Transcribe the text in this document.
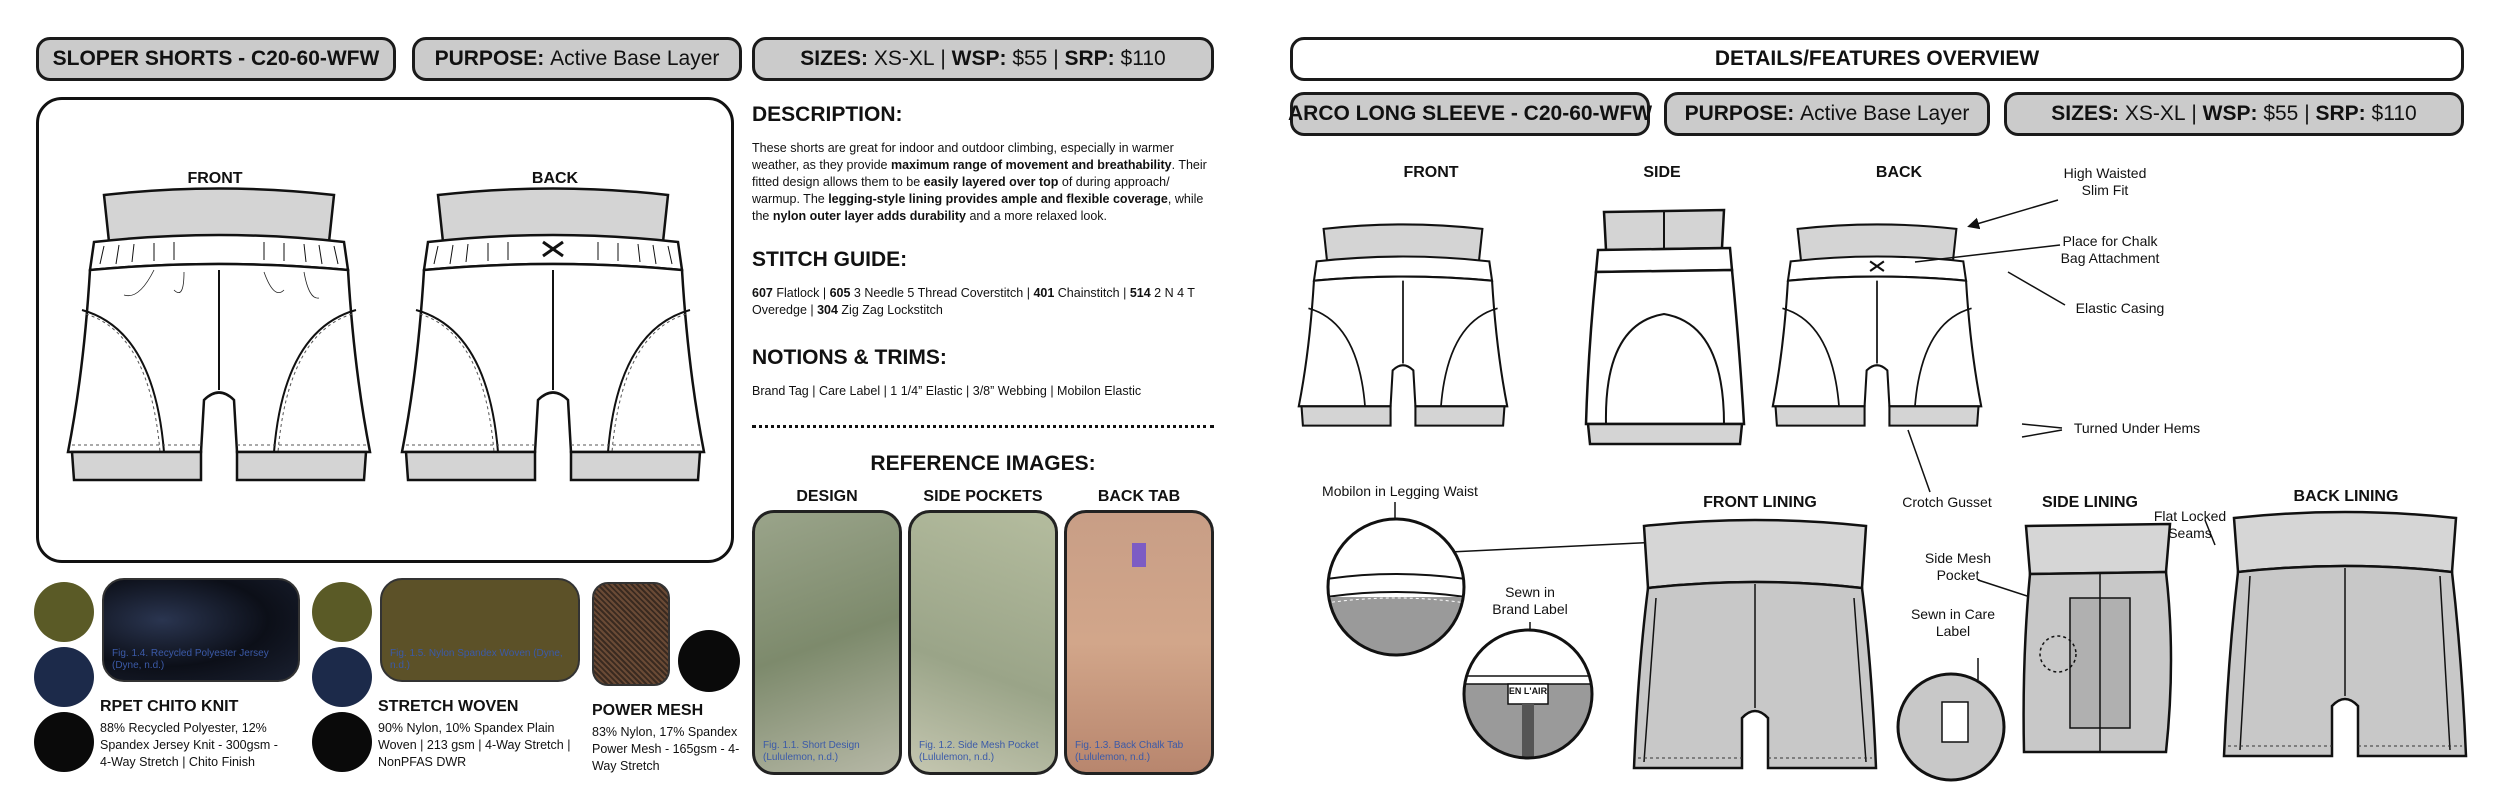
SLOPER SHORTS - C20-60-WFW	PURPOSE:
Active Base Layer	SIZES:
XS-XL | WSP:
$55 | SRP:
$110
FRONT	BACK
Fig. 1.4. Recycled Polyester Jersey (Dyne, n.d.)
RPET CHITO KNIT
88% Recycled Polyester, 12% Spandex Jersey Knit - 300gsm - 4-Way Stretch | Chito Finish
Fig. 1.5. Nylon Spandex Woven (Dyne, n.d.)
STRETCH WOVEN
90% Nylon, 10% Spandex Plain Woven | 213 gsm | 4-Way Stretch | NonPFAS DWR
POWER MESH
83% Nylon, 17% Spandex Power Mesh - 165gsm - 4-Way Stretch
DESCRIPTION:
These shorts are great for indoor and outdoor climbing, especially in warmer weather, as they provide maximum range of movement and breathability. Their fitted design allows them to be easily layered over top of during approach/ warmup. The legging-style lining provides ample and flexible coverage, while the nylon outer layer adds durability and a more relaxed look.
STITCH GUIDE:
607 Flatlock | 605 3 Needle 5 Thread Coverstitch | 401 Chainstitch | 514 2 N 4 T Overedge | 304 Zig Zag Lockstitch
NOTIONS & TRIMS:
Brand Tag | Care Label | 1 1/4” Elastic | 3/8” Webbing | Mobilon Elastic
REFERENCE IMAGES:
DESIGN	SIDE POCKETS	BACK TAB
Fig. 1.1. Short Design (Lululemon, n.d.)
Fig. 1.2. Side Mesh Pocket (Lululemon, n.d.)
Fig. 1.3. Back Chalk Tab (Lululemon, n.d.)
DETAILS/FEATURES OVERVIEW
ARCO LONG SLEEVE - C20-60-WFW PURPOSE:
Active Base Layer	SIZES:
XS-XL | WSP:
$55 | SRP:
$110
FRONT	SIDE	BACK	High Waisted
Slim Fit
Place for Chalk
Bag Attachment
Elastic Casing
Turned Under Hems
Crotch Gusset
Mobilon in Legging Waist
FRONT LINING
Sewn in
Brand Label
EN L'AIR
SIDE LINING
Side Mesh
Pocket
Sewn in Care
Label
BACK LINING
Flat Locked
Seams
